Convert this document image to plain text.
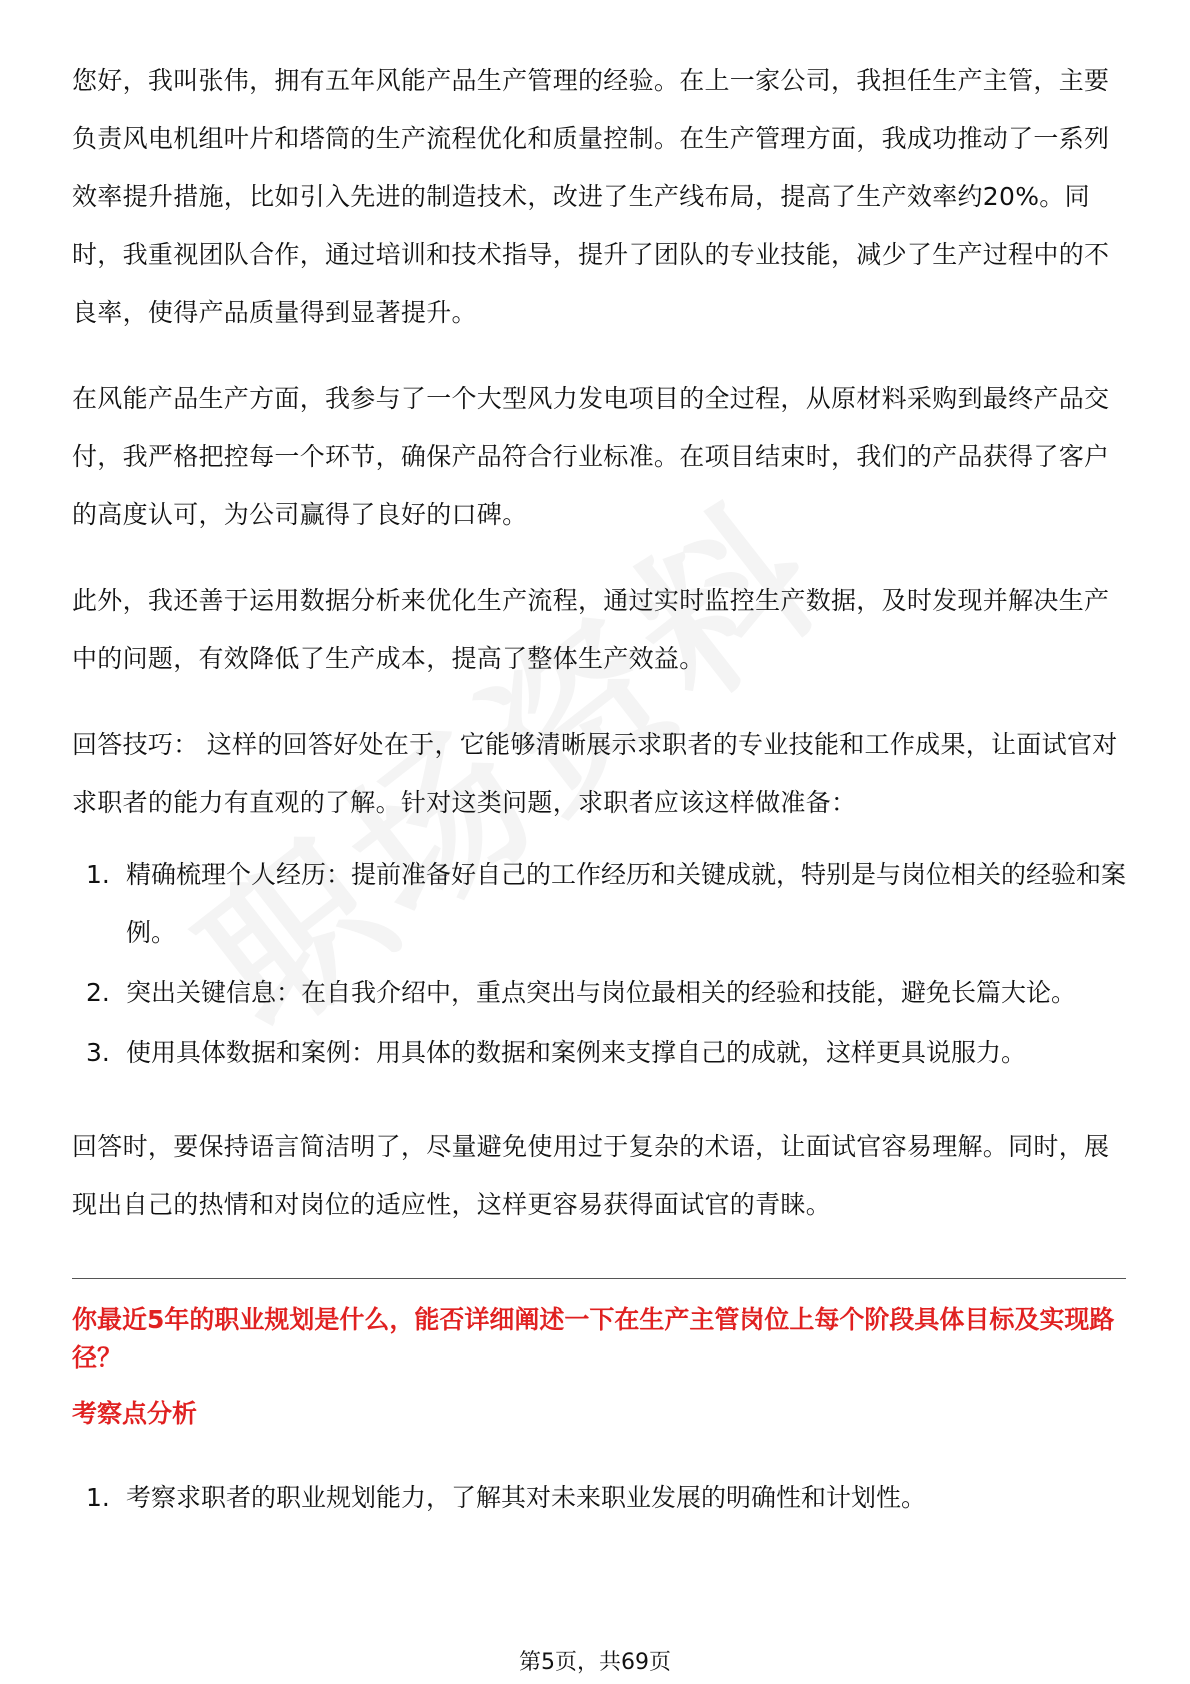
您好，我叫张伟，拥有五年风能产品生产管理的经验。在上一家公司，我担任生产主管，主要负责风电机组叶片和塔筒的生产流程优化和质量控制。在生产管理方面，我成功推动了一系列效率提升措施，比如引入先进的制造技术，改进了生产线布局，提高了生产效率约20%。同时，我重视团队合作，通过培训和技术指导，提升了团队的专业技能，减少了生产过程中的不良率，使得产品质量得到显著提升。

在风能产品生产方面，我参与了一个大型风力发电项目的全过程，从原材料采购到最终产品交付，我严格把控每一个环节，确保产品符合行业标准。在项目结束时，我们的产品获得了客户的高度认可，为公司赢得了良好的口碑。

此外，我还善于运用数据分析来优化生产流程，通过实时监控生产数据，及时发现并解决生产中的问题，有效降低了生产成本，提高了整体生产效益。

回答技巧： 这样的回答好处在于，它能够清晰展示求职者的专业技能和工作成果，让面试官对求职者的能力有直观的了解。针对这类问题，求职者应该这样做准备：

1. 精确梳理个人经历：提前准备好自己的工作经历和关键成就，特别是与岗位相关的经验和案例。
2. 突出关键信息：在自我介绍中，重点突出与岗位最相关的经验和技能，避免长篇大论。
3. 使用具体数据和案例：用具体的数据和案例来支撑自己的成就，这样更具说服力。

回答时，要保持语言简洁明了，尽量避免使用过于复杂的术语，让面试官容易理解。同时，展现出自己的热情和对岗位的适应性，这样更容易获得面试官的青睐。

你最近5年的职业规划是什么，能否详细阐述一下在生产主管岗位上每个阶段具体目标及实现路径？

考察点分析

1. 考察求职者的职业规划能力，了解其对未来职业发展的明确性和计划性。
第5页，共69页
